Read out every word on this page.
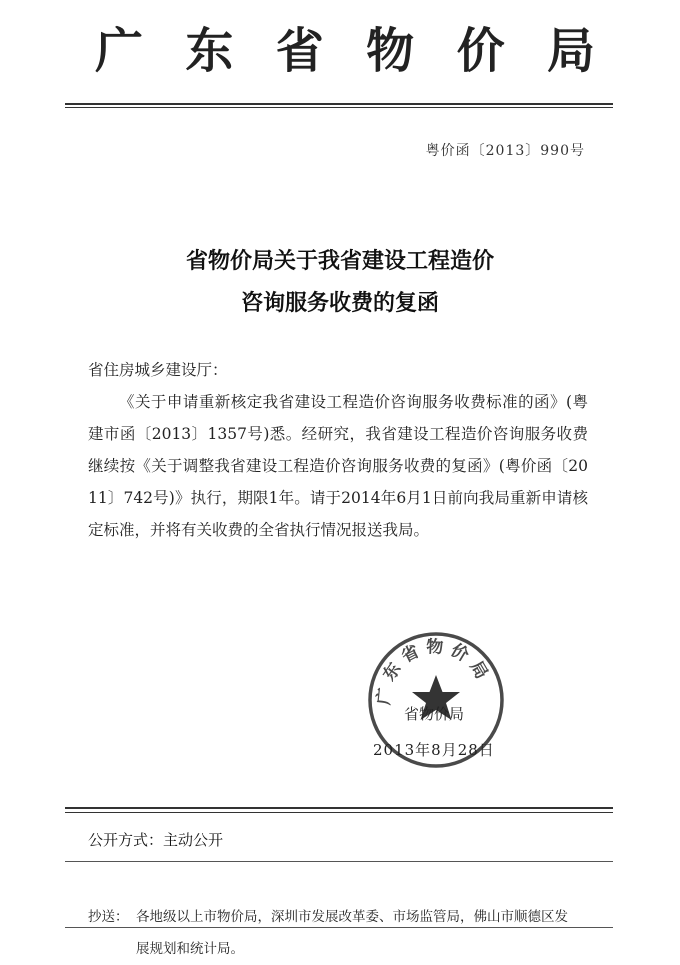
广 东 省 物 价 局
粤价函〔2013〕990号
省物价局关于我省建设工程造价
咨询服务收费的复函
省住房城乡建设厅：
《关于申请重新核定我省建设工程造价咨询服务收费标准的函》(粤建市函〔2013〕1357号)悉。经研究，我省建设工程造价咨询服务收费继续按《关于调整我省建设工程造价咨询服务收费的复函》(粤价函〔2011〕742号)》执行，期限1年。请于2014年6月1日前向我局重新申请核定标准，并将有关收费的全省执行情况报送我局。
广东省物价局
省物价局
2013年8月28日
公开方式：主动公开
抄送： 各地级以上市物价局，深圳市发展改革委、市场监管局，佛山市顺德区发展规划和统计局。
